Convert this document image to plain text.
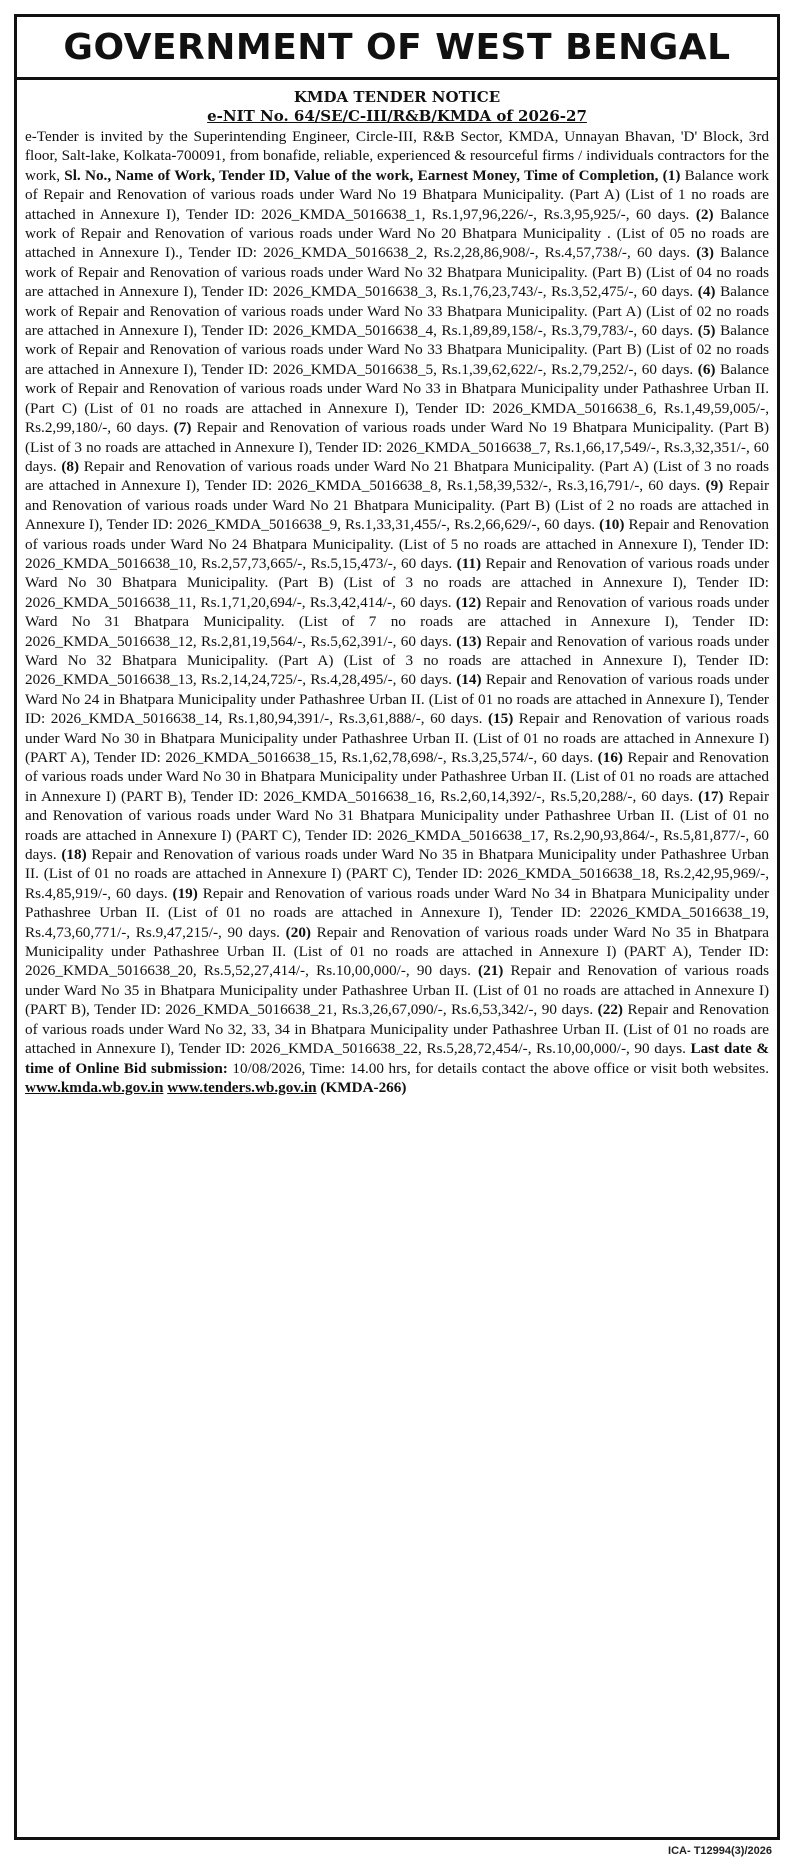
GOVERNMENT OF WEST BENGAL
KMDA TENDER NOTICE
e-NIT No. 64/SE/C-III/R&B/KMDA of 2026-27
e-Tender is invited by the Superintending Engineer, Circle-III, R&B Sector, KMDA, Unnayan Bhavan, 'D' Block, 3rd floor, Salt-lake, Kolkata-700091, from bonafide, reliable, experienced & resourceful firms / individuals contractors for the work, Sl. No., Name of Work, Tender ID, Value of the work, Earnest Money, Time of Completion, (1) Balance work of Repair and Renovation of various roads under Ward No 19 Bhatpara Municipality. (Part A) (List of 1 no roads are attached in Annexure I), Tender ID: 2026_KMDA_5016638_1, Rs.1,97,96,226/-, Rs.3,95,925/-, 60 days. (2) Balance work of Repair and Renovation of various roads under Ward No 20 Bhatpara Municipality . (List of 05 no roads are attached in Annexure I)., Tender ID: 2026_KMDA_5016638_2, Rs.2,28,86,908/-, Rs.4,57,738/-, 60 days. (3) Balance work of Repair and Renovation of various roads under Ward No 32 Bhatpara Municipality. (Part B) (List of 04 no roads are attached in Annexure I), Tender ID: 2026_KMDA_5016638_3, Rs.1,76,23,743/-, Rs.3,52,475/-, 60 days. (4) Balance work of Repair and Renovation of various roads under Ward No 33 Bhatpara Municipality. (Part A) (List of 02 no roads are attached in Annexure I), Tender ID: 2026_KMDA_5016638_4, Rs.1,89,89,158/-, Rs.3,79,783/-, 60 days. (5) Balance work of Repair and Renovation of various roads under Ward No 33 Bhatpara Municipality. (Part B) (List of 02 no roads are attached in Annexure I), Tender ID: 2026_KMDA_5016638_5, Rs.1,39,62,622/-, Rs.2,79,252/-, 60 days. (6) Balance work of Repair and Renovation of various roads under Ward No 33 in Bhatpara Municipality under Pathashree Urban II. (Part C) (List of 01 no roads are attached in Annexure I), Tender ID: 2026_KMDA_5016638_6, Rs.1,49,59,005/-, Rs.2,99,180/-, 60 days. (7) Repair and Renovation of various roads under Ward No 19 Bhatpara Municipality. (Part B) (List of 3 no roads are attached in Annexure I), Tender ID: 2026_KMDA_5016638_7, Rs.1,66,17,549/-, Rs.3,32,351/-, 60 days. (8) Repair and Renovation of various roads under Ward No 21 Bhatpara Municipality. (Part A) (List of 3 no roads are attached in Annexure I), Tender ID: 2026_KMDA_5016638_8, Rs.1,58,39,532/-, Rs.3,16,791/-, 60 days. (9) Repair and Renovation of various roads under Ward No 21 Bhatpara Municipality. (Part B) (List of 2 no roads are attached in Annexure I), Tender ID: 2026_KMDA_5016638_9, Rs.1,33,31,455/-, Rs.2,66,629/-, 60 days. (10) Repair and Renovation of various roads under Ward No 24 Bhatpara Municipality. (List of 5 no roads are attached in Annexure I), Tender ID: 2026_KMDA_5016638_10, Rs.2,57,73,665/-, Rs.5,15,473/-, 60 days. (11) Repair and Renovation of various roads under Ward No 30 Bhatpara Municipality. (Part B) (List of 3 no roads are attached in Annexure I), Tender ID: 2026_KMDA_5016638_11, Rs.1,71,20,694/-, Rs.3,42,414/-, 60 days. (12) Repair and Renovation of various roads under Ward No 31 Bhatpara Municipality. (List of 7 no roads are attached in Annexure I), Tender ID: 2026_KMDA_5016638_12, Rs.2,81,19,564/-, Rs.5,62,391/-, 60 days. (13) Repair and Renovation of various roads under Ward No 32 Bhatpara Municipality. (Part A) (List of 3 no roads are attached in Annexure I), Tender ID: 2026_KMDA_5016638_13, Rs.2,14,24,725/-, Rs.4,28,495/-, 60 days. (14) Repair and Renovation of various roads under Ward No 24 in Bhatpara Municipality under Pathashree Urban II. (List of 01 no roads are attached in Annexure I), Tender ID: 2026_KMDA_5016638_14, Rs.1,80,94,391/-, Rs.3,61,888/-, 60 days. (15) Repair and Renovation of various roads under Ward No 30 in Bhatpara Municipality under Pathashree Urban II. (List of 01 no roads are attached in Annexure I) (PART A), Tender ID: 2026_KMDA_5016638_15, Rs.1,62,78,698/-, Rs.3,25,574/-, 60 days. (16) Repair and Renovation of various roads under Ward No 30 in Bhatpara Municipality under Pathashree Urban II. (List of 01 no roads are attached in Annexure I) (PART B), Tender ID: 2026_KMDA_5016638_16, Rs.2,60,14,392/-, Rs.5,20,288/-, 60 days. (17) Repair and Renovation of various roads under Ward No 31 Bhatpara Municipality under Pathashree Urban II. (List of 01 no roads are attached in Annexure I) (PART C), Tender ID: 2026_KMDA_5016638_17, Rs.2,90,93,864/-, Rs.5,81,877/-, 60 days. (18) Repair and Renovation of various roads under Ward No 35 in Bhatpara Municipality under Pathashree Urban II. (List of 01 no roads are attached in Annexure I) (PART C), Tender ID: 2026_KMDA_5016638_18, Rs.2,42,95,969/-, Rs.4,85,919/-, 60 days. (19) Repair and Renovation of various roads under Ward No 34 in Bhatpara Municipality under Pathashree Urban II. (List of 01 no roads are attached in Annexure I), Tender ID: 22026_KMDA_5016638_19, Rs.4,73,60,771/-, Rs.9,47,215/-, 90 days. (20) Repair and Renovation of various roads under Ward No 35 in Bhatpara Municipality under Pathashree Urban II. (List of 01 no roads are attached in Annexure I) (PART A), Tender ID: 2026_KMDA_5016638_20, Rs.5,52,27,414/-, Rs.10,00,000/-, 90 days. (21) Repair and Renovation of various roads under Ward No 35 in Bhatpara Municipality under Pathashree Urban II. (List of 01 no roads are attached in Annexure I) (PART B), Tender ID: 2026_KMDA_5016638_21, Rs.3,26,67,090/-, Rs.6,53,342/-, 90 days. (22) Repair and Renovation of various roads under Ward No 32, 33, 34 in Bhatpara Municipality under Pathashree Urban II. (List of 01 no roads are attached in Annexure I), Tender ID: 2026_KMDA_5016638_22, Rs.5,28,72,454/-, Rs.10,00,000/-, 90 days. Last date & time of Online Bid submission: 10/08/2026, Time: 14.00 hrs, for details contact the above office or visit both websites. www.kmda.wb.gov.in www.tenders.wb.gov.in (KMDA-266)
ICA- T12994(3)/2026
